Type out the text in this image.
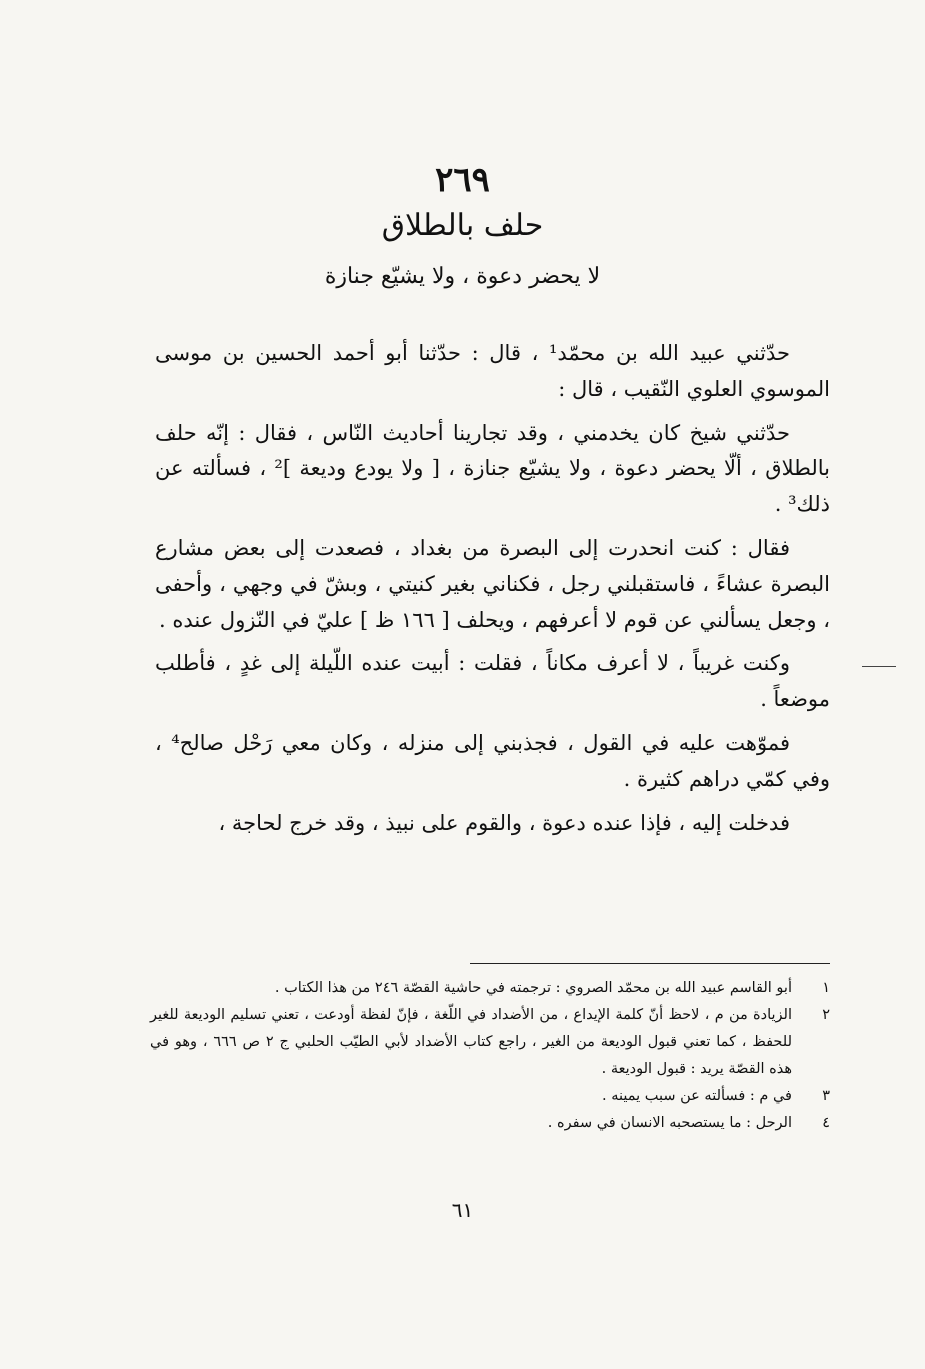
٢٦٩
حلف بالطلاق
لا يحضر دعوة ، ولا يشيّع جنازة

حدّثني عبيد الله بن محمّد¹ ، قال : حدّثنا أبو أحمد الحسين بن موسى الموسوي العلوي النّقيب ، قال :

حدّثني شيخ كان يخدمني ، وقد تجارينا أحاديث النّاس ، فقال : إنّه حلف بالطلاق ، ألّا يحضر دعوة ، ولا يشيّع جنازة ، [ ولا يودع وديعة ]² ، فسألته عن ذلك³ .

فقال : كنت انحدرت إلى البصرة من بغداد ، فصعدت إلى بعض مشارع البصرة عشاءً ، فاستقبلني رجل ، فكناني بغير كنيتي ، وبشّ في وجهي ، وأحفى ، وجعل يسألني عن قوم لا أعرفهم ، ويحلف [ ١٦٦ ظ ] عليّ في النّزول عنده .

وكنت غريباً ، لا أعرف مكاناً ، فقلت : أبيت عنده اللّيلة إلى غدٍ ، فأطلب موضعاً .

فموّهت عليه في القول ، فجذبني إلى منزله ، وكان معي رَحْل صالح⁴ ، وفي كمّي دراهم كثيرة .

فدخلت إليه ، فإذا عنده دعوة ، والقوم على نبيذ ، وقد خرج لحاجة ،

١
أبو القاسم عبيد الله بن محمّد الصروي : ترجمته في حاشية القصّة ٢٤٦ من هذا الكتاب .
٢
الزيادة من م ، لاحظ أنّ كلمة الإيداع ، من الأضداد في اللّغة ، فإنّ لفظة أودعت ، تعني تسليم الوديعة للغير للحفظ ، كما تعني قبول الوديعة من الغير ، راجع كتاب الأضداد لأبي الطيّب الحلبي ج ٢ ص ٦٦٦ ، وهو في هذه القصّة يريد : قبول الوديعة .
٣
في م : فسألته عن سبب يمينه .
٤
الرحل : ما يستصحبه الانسان في سفره .
٦١
